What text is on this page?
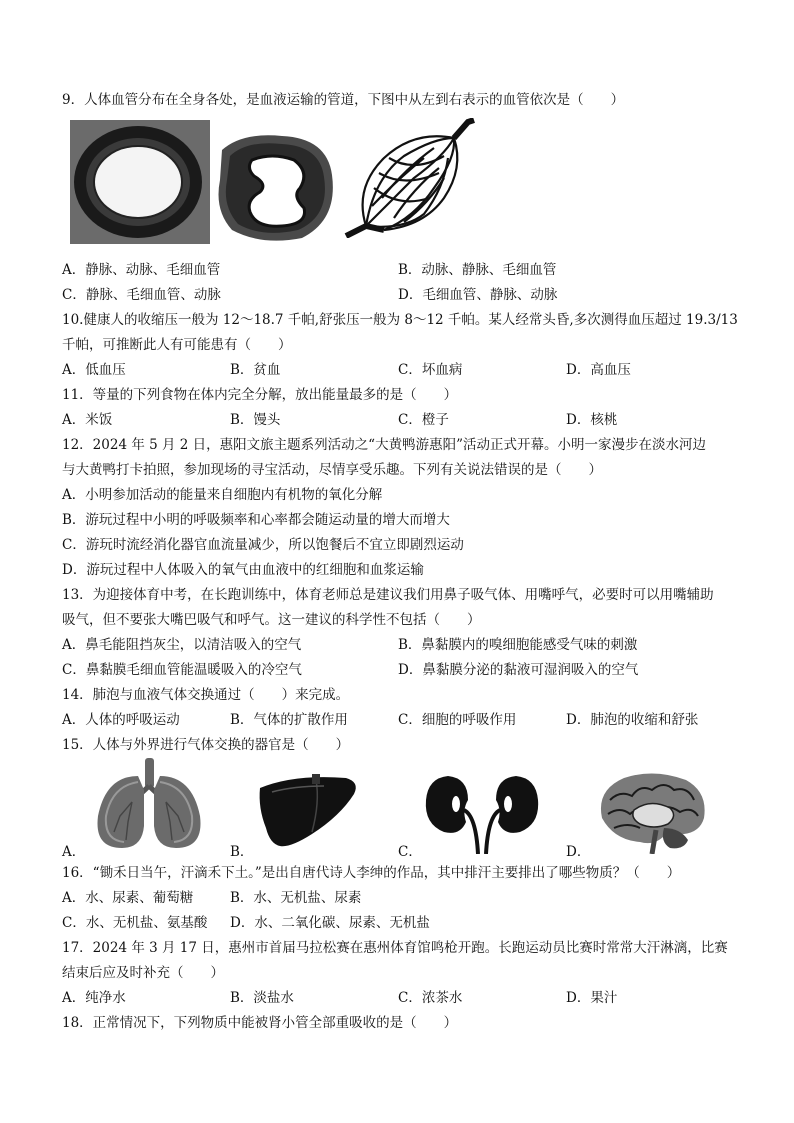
9．人体血管分布在全身各处，是血液运输的管道，下图中从左到右表示的血管依次是（　　）
A．静脉、动脉、毛细血管	B．动脉、静脉、毛细血管
C．静脉、毛细血管、动脉	D．毛细血管、静脉、动脉
10.健康人的收缩压一般为 12～18.7 千帕,舒张压一般为 8～12 千帕。某人经常头昏,多次测得血压超过 19.3/13
千帕，可推断此人有可能患有（　　）
A．低血压	B．贫血	C．坏血病	D．高血压
11．等量的下列食物在体内完全分解，放出能量最多的是（　　）
A．米饭	B．馒头	C．橙子	D．核桃
12．2024 年 5 月 2 日，惠阳文旅主题系列活动之“大黄鸭游惠阳”活动正式开幕。小明一家漫步在淡水河边
与大黄鸭打卡拍照，参加现场的寻宝活动，尽情享受乐趣。下列有关说法错误的是（　　）
A．小明参加活动的能量来自细胞内有机物的氧化分解
B．游玩过程中小明的呼吸频率和心率都会随运动量的增大而增大
C．游玩时流经消化器官血流量减少，所以饱餐后不宜立即剧烈运动
D．游玩过程中人体吸入的氧气由血液中的红细胞和血浆运输
13．为迎接体育中考，在长跑训练中，体育老师总是建议我们用鼻子吸气体、用嘴呼气，必要时可以用嘴辅助
吸气，但不要张大嘴巴吸气和呼气。这一建议的科学性不包括（　　）
A．鼻毛能阻挡灰尘，以清洁吸入的空气	B．鼻黏膜内的嗅细胞能感受气味的刺激
C．鼻黏膜毛细血管能温暖吸入的冷空气	D．鼻黏膜分泌的黏液可湿润吸入的空气
14．肺泡与血液气体交换通过（　　）来完成。
A．人体的呼吸运动	B．气体的扩散作用	C．细胞的呼吸作用	D．肺泡的收缩和舒张
15．人体与外界进行气体交换的器官是（　　）
A．	B．	C．	D．
16．“锄禾日当午，汗滴禾下土。”是出自唐代诗人李绅的作品，其中排汗主要排出了哪些物质？（　　）
A．水、尿素、葡萄糖	B．水、无机盐、尿素
C．水、无机盐、氨基酸 D．水、二氧化碳、尿素、无机盐
17．2024 年 3 月 17 日，惠州市首届马拉松赛在惠州体育馆鸣枪开跑。长跑运动员比赛时常常大汗淋漓，比赛
结束后应及时补充（　　）
A．纯净水	B．淡盐水	C．浓茶水	D．果汁
18．正常情况下，下列物质中能被肾小管全部重吸收的是（　　）
